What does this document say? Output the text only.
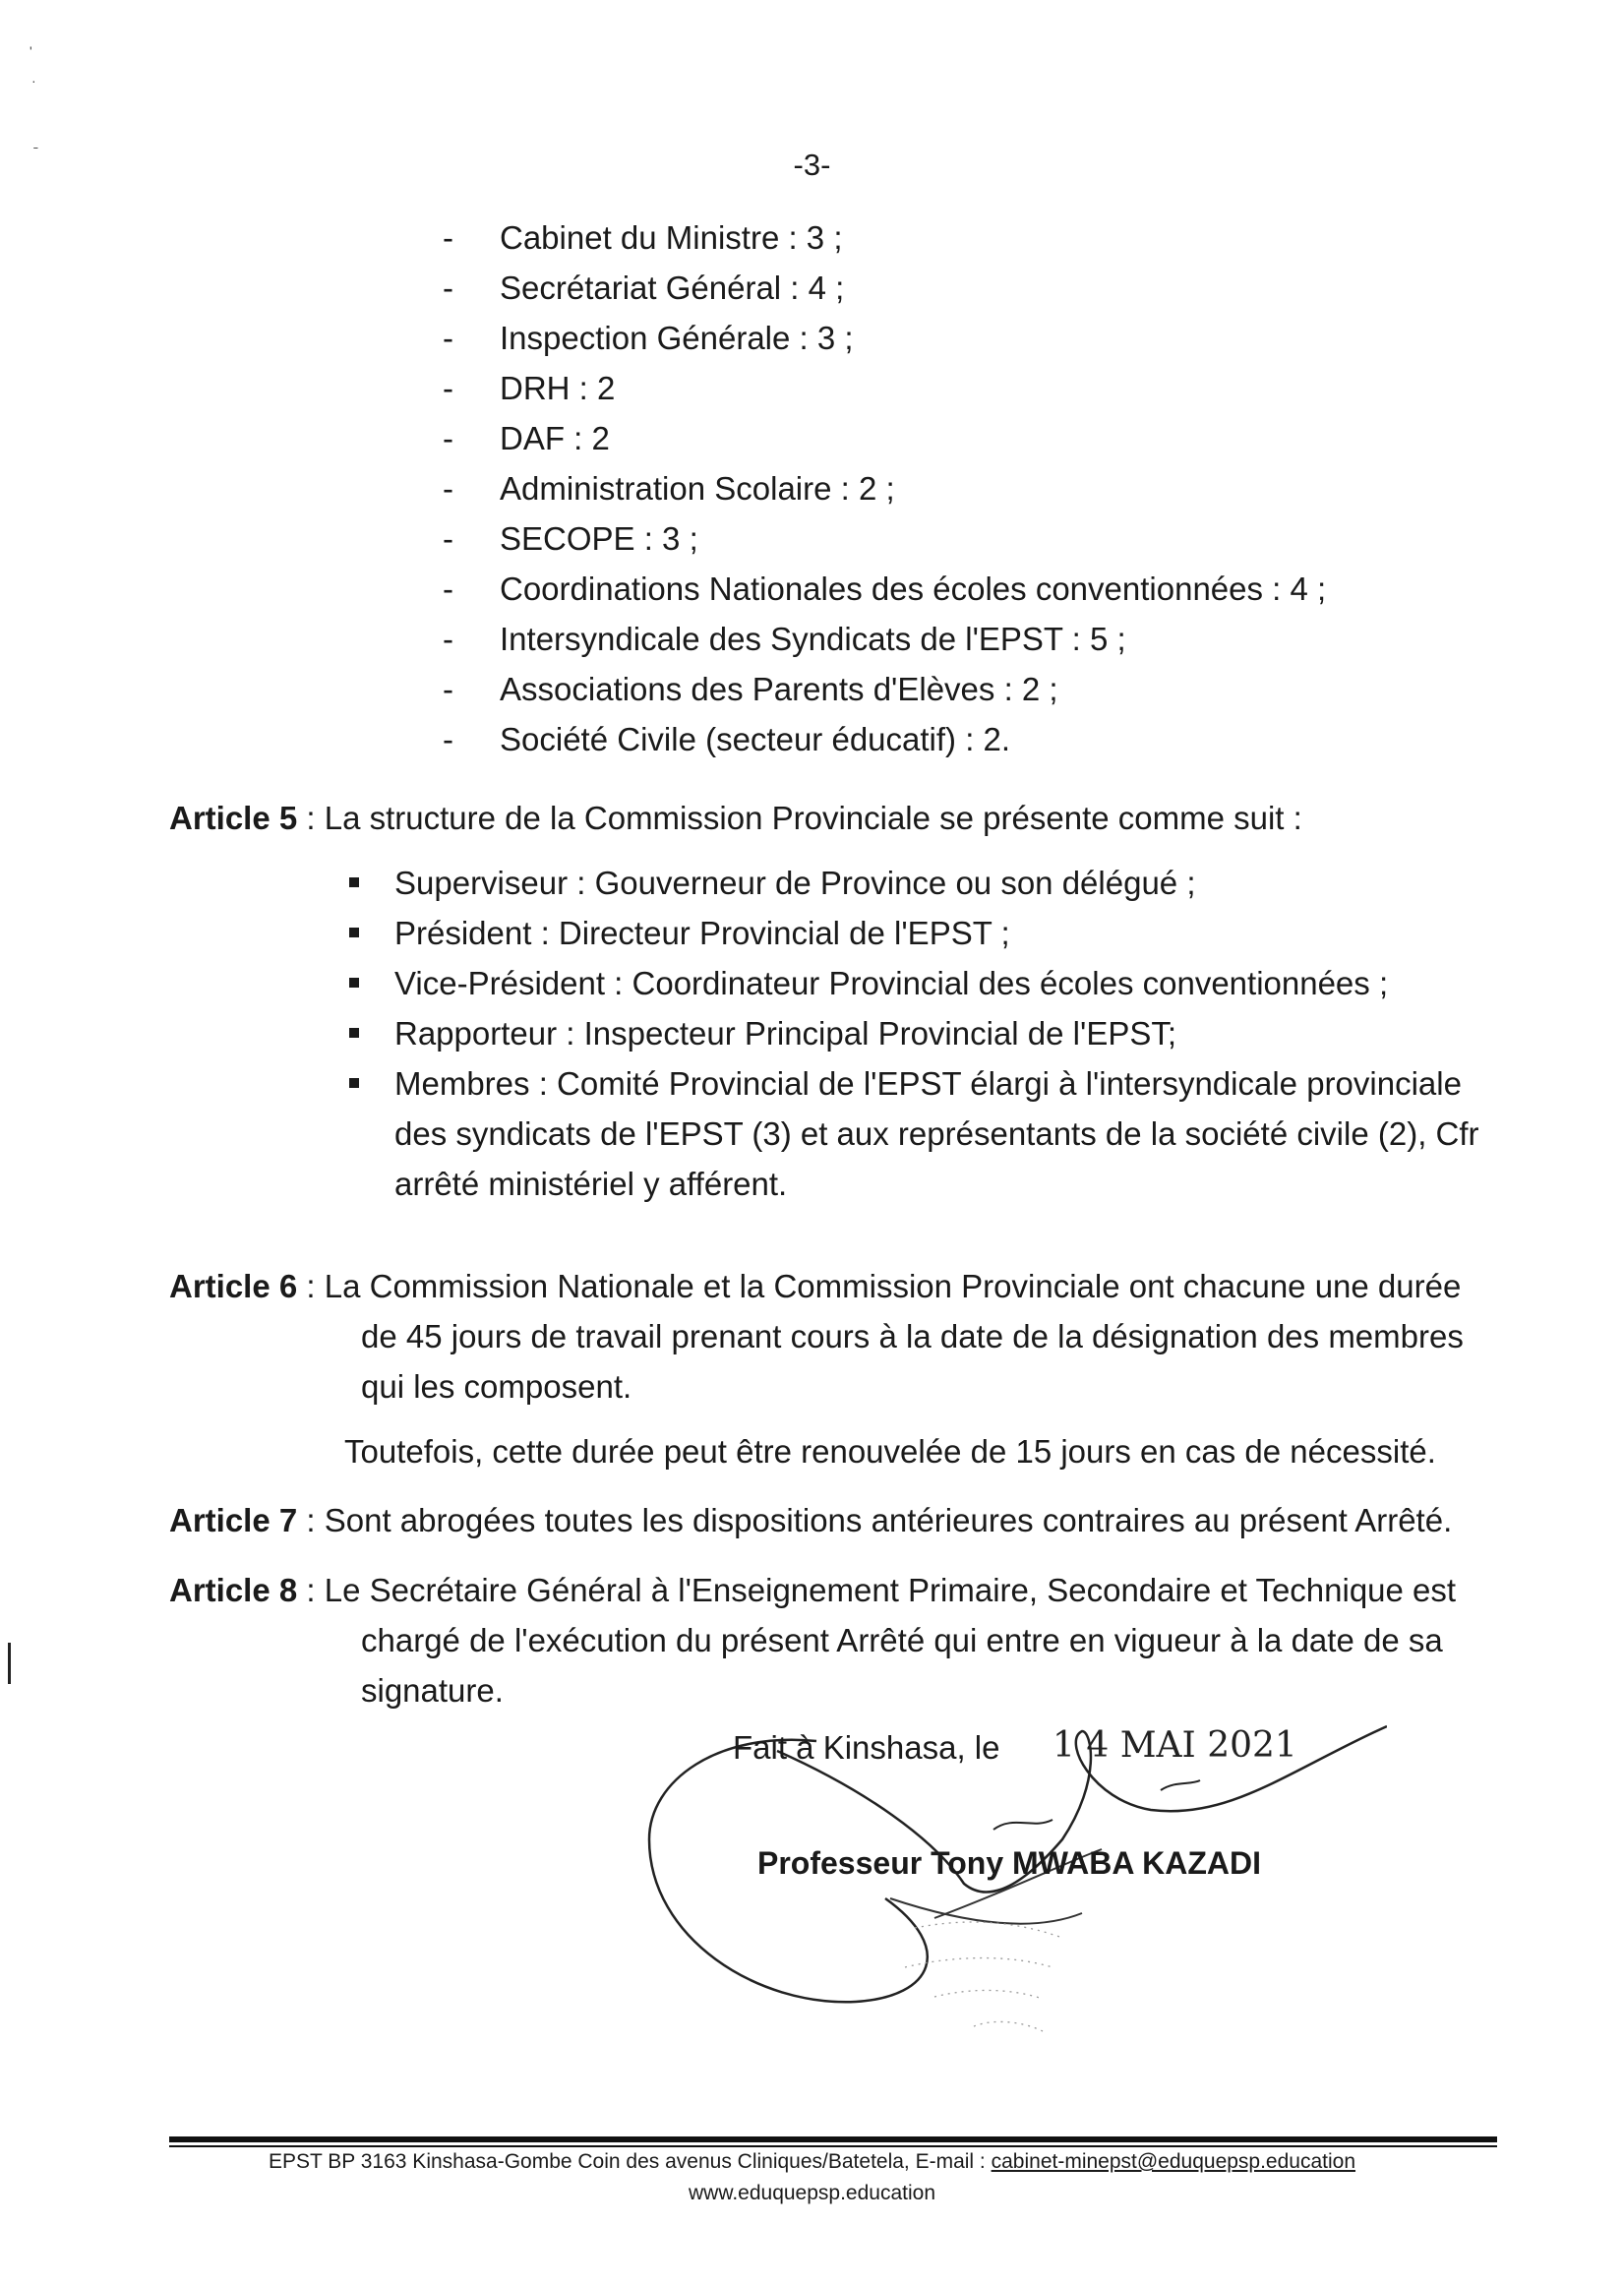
-3-
- Cabinet du Ministre : 3 ;
- Secrétariat Général : 4 ;
- Inspection Générale : 3 ;
- DRH : 2
- DAF : 2
- Administration Scolaire : 2 ;
- SECOPE : 3 ;
- Coordinations Nationales des écoles conventionnées : 4 ;
- Intersyndicale des Syndicats de l'EPST : 5 ;
- Associations des Parents d'Elèves : 2 ;
- Société Civile (secteur éducatif) : 2.
Article 5 : La structure de la Commission Provinciale se présente comme suit :
Superviseur : Gouverneur de Province ou son délégué ;
Président : Directeur Provincial de l'EPST ;
Vice-Président : Coordinateur Provincial des écoles conventionnées ;
Rapporteur : Inspecteur Principal Provincial de l'EPST;
Membres : Comité Provincial de l'EPST élargi à l'intersyndicale provinciale
des syndicats de l'EPST (3) et aux représentants de la société civile (2), Cfr
arrêté ministériel y afférent.
Article 6 : La Commission Nationale et la Commission Provinciale ont chacune une durée
de 45 jours de travail prenant cours à la date de la désignation des membres
qui les composent.
Toutefois, cette durée peut être renouvelée de 15 jours en cas de nécessité.
Article 7 : Sont abrogées toutes les dispositions antérieures contraires au présent Arrêté.
Article 8 : Le Secrétaire Général à l'Enseignement Primaire, Secondaire et Technique est
chargé de l'exécution du présent Arrêté qui entre en vigueur à la date de sa
signature.
Fait à Kinshasa, le 1 4 MAI 2021
Professeur Tony MWABA KAZADI
EPST BP 3163 Kinshasa-Gombe Coin des avenus Cliniques/Batetela, E-mail : cabinet-minepst@eduquepsp.education
www.eduquepsp.education
'
·
˗
